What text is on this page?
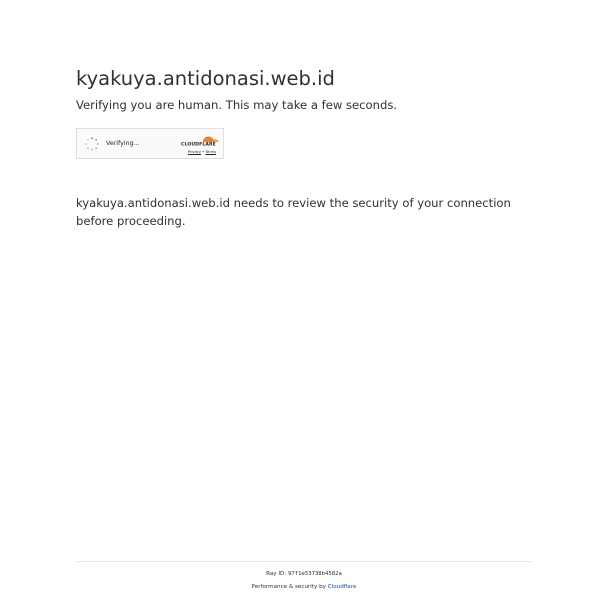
kyakuya.antidonasi.web.id

Verifying you are human. This may take a few seconds.

Verifying...	CLOUDFLARE
Privacy • Terms

kyakuya.antidonasi.web.id needs to review the security of your connection before proceeding.

Ray ID: 97f1e53738b4582a
Performance & security by Cloudflare
